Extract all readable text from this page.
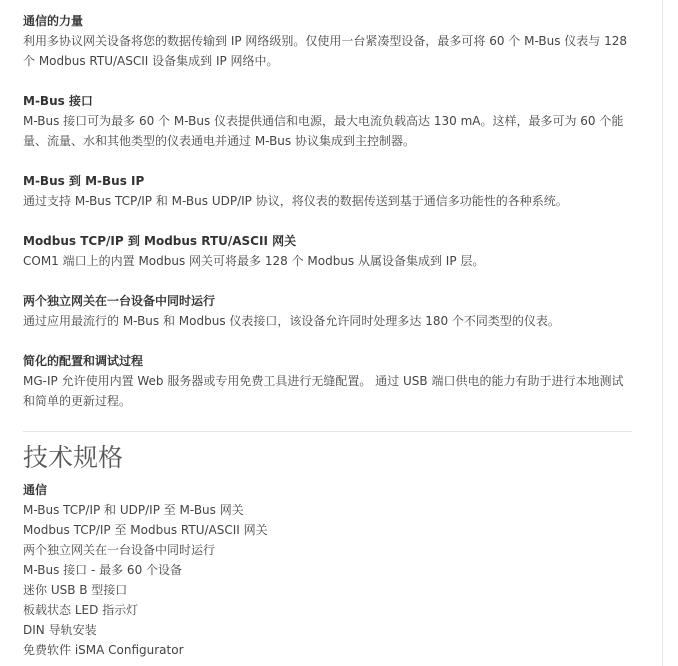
通信的力量
利用多协议网关设备将您的数据传输到 IP 网络级别。仅使用一台紧凑型设备，最多可将 60 个 M-Bus 仪表与 128 个 Modbus RTU/ASCII 设备集成到 IP 网络中。
M-Bus 接口
M-Bus 接口可为最多 60 个 M-Bus 仪表提供通信和电源，最大电流负载高达 130 mA。这样，最多可为 60 个能量、流量、水和其他类型的仪表通电并通过 M-Bus 协议集成到主控制器。
M-Bus 到 M-Bus IP
通过支持 M-Bus TCP/IP 和 M-Bus UDP/IP 协议，将仪表的数据传送到基于通信多功能性的各种系统。
Modbus TCP/IP 到 Modbus RTU/ASCII 网关
COM1 端口上的内置 Modbus 网关可将最多 128 个 Modbus 从属设备集成到 IP 层。
两个独立网关在一台设备中同时运行
通过应用最流行的 M-Bus 和 Modbus 仪表接口，该设备允许同时处理多达 180 个不同类型的仪表。
简化的配置和调试过程
MG-IP 允许使用内置 Web 服务器或专用免费工具进行无缝配置。 通过 USB 端口供电的能力有助于进行本地测试和简单的更新过程。
技术规格
通信
M-Bus TCP/IP 和 UDP/IP 至 M-Bus 网关
Modbus TCP/IP 至 Modbus RTU/ASCII 网关
两个独立网关在一台设备中同时运行
M-Bus 接口 - 最多 60 个设备
迷你 USB B 型接口
板载状态 LED 指示灯
DIN 导轨安装
免费软件 iSMA Configurator
